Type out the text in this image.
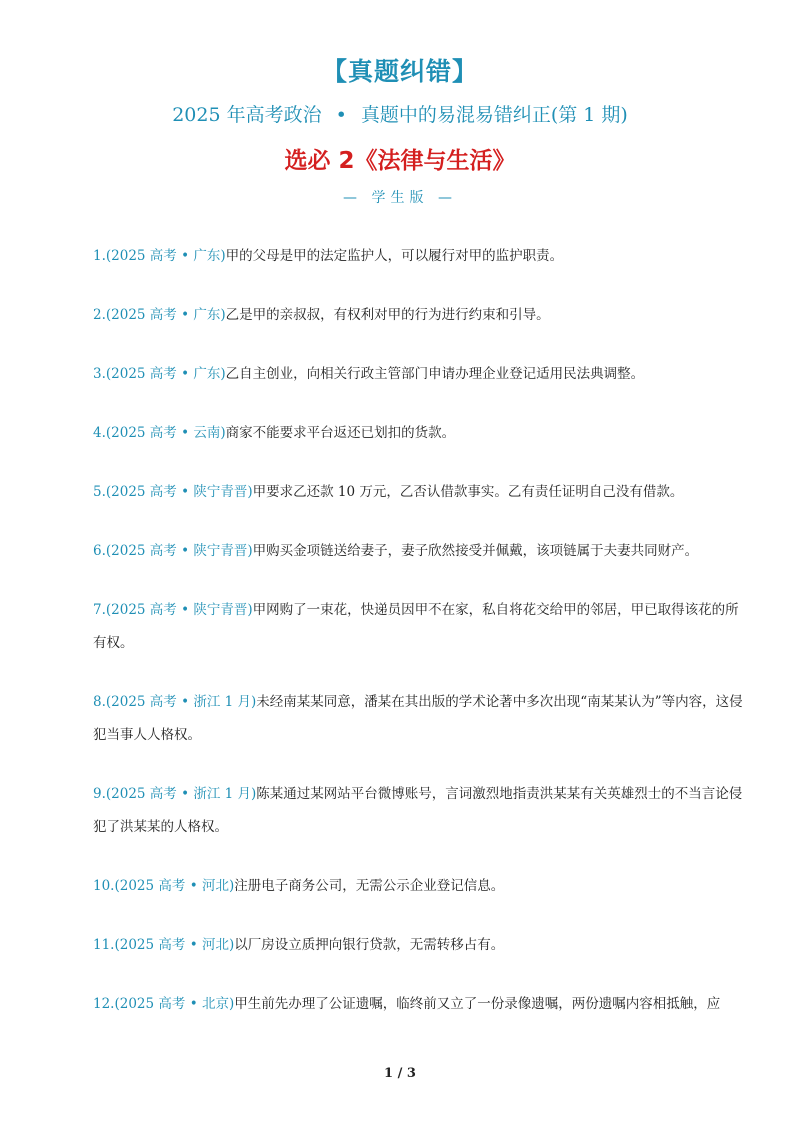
【真题纠错】
2025 年高考政治 • 真题中的易混易错纠正(第 1 期)
选必 2《法律与生活》
— 学生版 —
1.(2025 高考 • 广东)甲的父母是甲的法定监护人，可以履行对甲的监护职责。
2.(2025 高考 • 广东)乙是甲的亲叔叔，有权利对甲的行为进行约束和引导。
3.(2025 高考 • 广东)乙自主创业，向相关行政主管部门申请办理企业登记适用民法典调整。
4.(2025 高考 • 云南)商家不能要求平台返还已划扣的货款。
5.(2025 高考 • 陕宁青晋)甲要求乙还款 10 万元，乙否认借款事实。乙有责任证明自己没有借款。
6.(2025 高考 • 陕宁青晋)甲购买金项链送给妻子，妻子欣然接受并佩戴，该项链属于夫妻共同财产。
7.(2025 高考 • 陕宁青晋)甲网购了一束花，快递员因甲不在家，私自将花交给甲的邻居，甲已取得该花的所有权。
8.(2025 高考 • 浙江 1 月)未经南某某同意，潘某在其出版的学术论著中多次出现“南某某认为”等内容，这侵犯当事人人格权。
9.(2025 高考 • 浙江 1 月)陈某通过某网站平台微博账号，言词激烈地指责洪某某有关英雄烈士的不当言论侵犯了洪某某的人格权。
10.(2025 高考 • 河北)注册电子商务公司，无需公示企业登记信息。
11.(2025 高考 • 河北)以厂房设立质押向银行贷款，无需转移占有。
12.(2025 高考 • 北京)甲生前先办理了公证遗嘱，临终前又立了一份录像遗嘱，两份遗嘱内容相抵触，应
1 / 3
